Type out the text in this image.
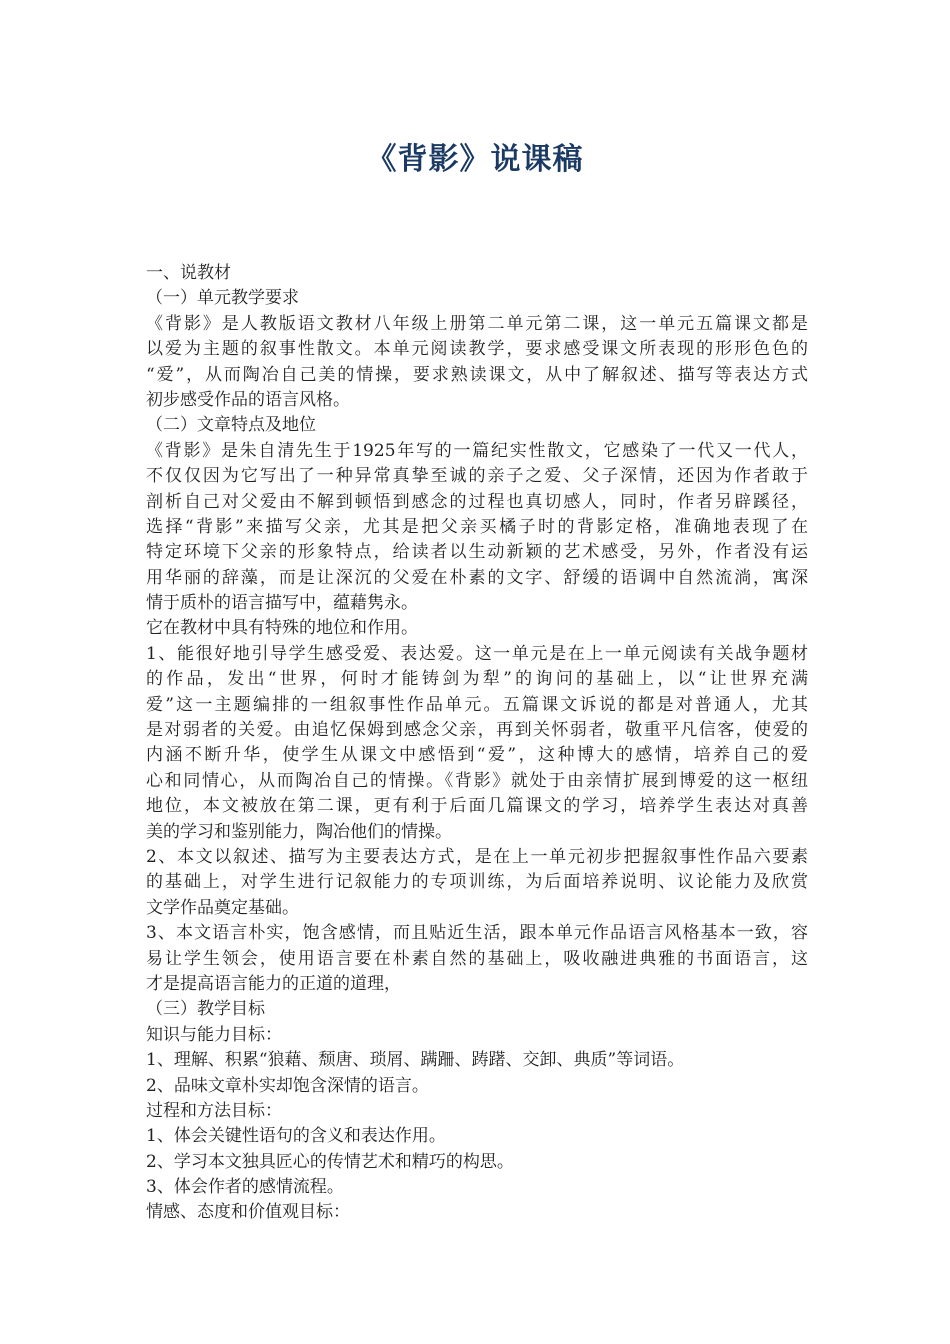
《背影》说课稿
一、说教材
（一）单元教学要求
《背影》是人教版语文教材八年级上册第二单元第二课，这一单元五篇课文都是
以爱为主题的叙事性散文。本单元阅读教学，要求感受课文所表现的形形色色的
“爱”，从而陶冶自己美的情操，要求熟读课文，从中了解叙述、描写等表达方式
初步感受作品的语言风格。
（二）文章特点及地位
《背影》是朱自清先生于1925年写的一篇纪实性散文，它感染了一代又一代人，
不仅仅因为它写出了一种异常真挚至诚的亲子之爱、父子深情，还因为作者敢于
剖析自己对父爱由不解到顿悟到感念的过程也真切感人，同时，作者另辟蹊径，
选择“背影”来描写父亲，尤其是把父亲买橘子时的背影定格，准确地表现了在
特定环境下父亲的形象特点，给读者以生动新颖的艺术感受，另外，作者没有运
用华丽的辞藻，而是让深沉的父爱在朴素的文字、舒缓的语调中自然流淌，寓深
情于质朴的语言描写中，蕴藉隽永。
它在教材中具有特殊的地位和作用。
1、能很好地引导学生感受爱、表达爱。这一单元是在上一单元阅读有关战争题材
的作品，发出“世界，何时才能铸剑为犁”的询问的基础上，以“让世界充满
爱”这一主题编排的一组叙事性作品单元。五篇课文诉说的都是对普通人，尤其
是对弱者的关爱。由追忆保姆到感念父亲，再到关怀弱者，敬重平凡信客，使爱的
内涵不断升华，使学生从课文中感悟到“爱”，这种博大的感情，培养自己的爱
心和同情心，从而陶冶自己的情操。《背影》就处于由亲情扩展到博爱的这一枢纽
地位，本文被放在第二课，更有利于后面几篇课文的学习，培养学生表达对真善
美的学习和鉴别能力，陶冶他们的情操。
2、本文以叙述、描写为主要表达方式，是在上一单元初步把握叙事性作品六要素
的基础上，对学生进行记叙能力的专项训练，为后面培养说明、议论能力及欣赏
文学作品奠定基础。
3、本文语言朴实，饱含感情，而且贴近生活，跟本单元作品语言风格基本一致，容
易让学生领会，使用语言要在朴素自然的基础上，吸收融进典雅的书面语言，这
才是提高语言能力的正道的道理，
（三）教学目标
知识与能力目标：
1、理解、积累“狼藉、颓唐、琐屑、蹒跚、踌躇、交卸、典质”等词语。
2、品味文章朴实却饱含深情的语言。
过程和方法目标：
1、体会关键性语句的含义和表达作用。
2、学习本文独具匠心的传情艺术和精巧的构思。
3、体会作者的感情流程。
情感、态度和价值观目标：
